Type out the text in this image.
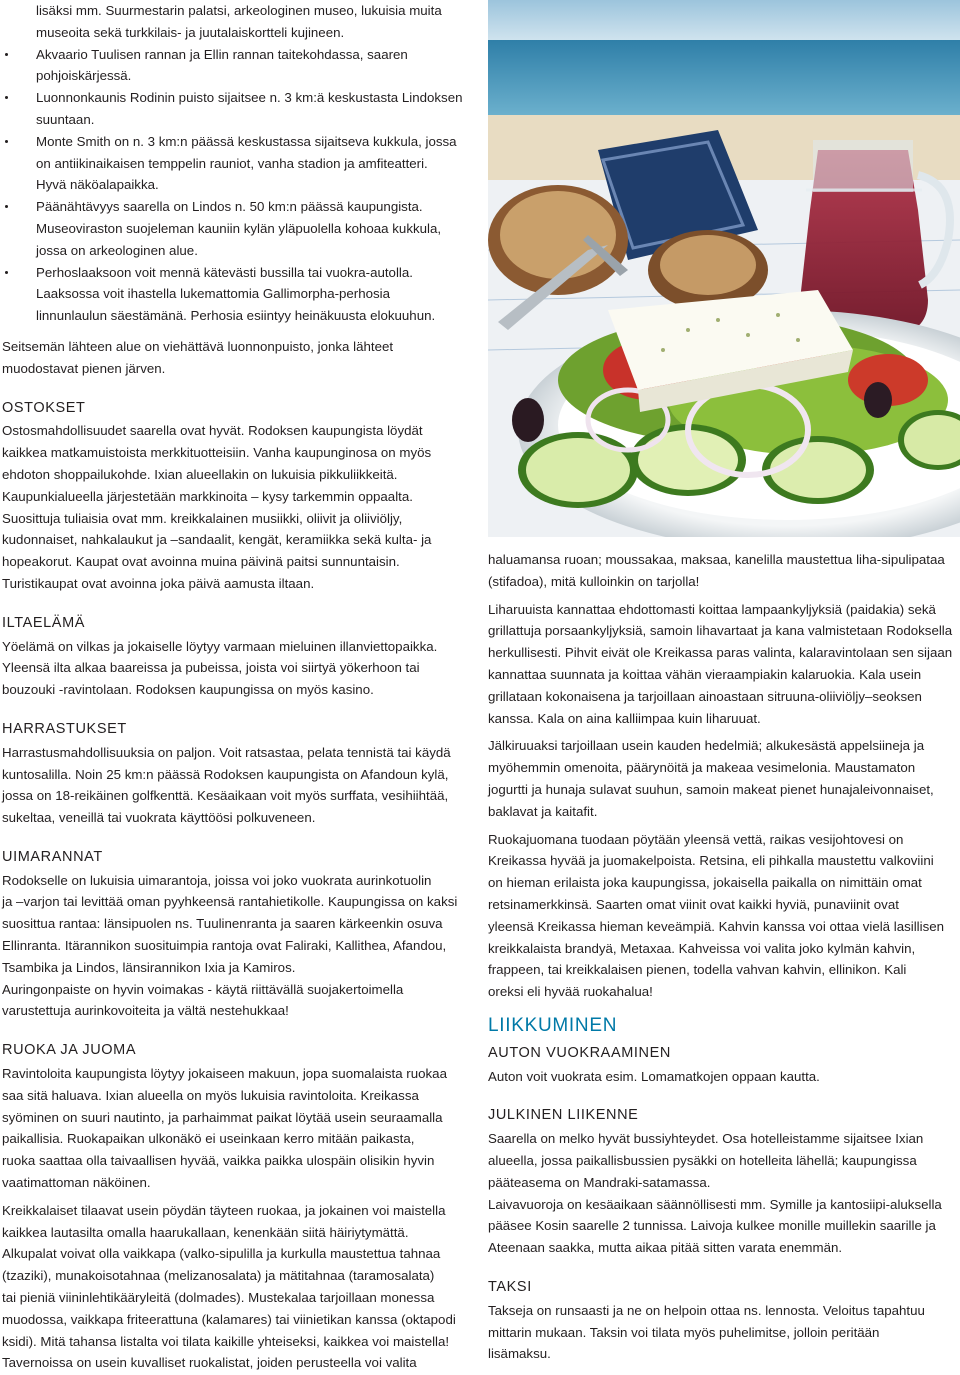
lisäksi mm. Suurmestarin palatsi, arkeologinen museo, lukuisia muita

museoita sekä turkkilais- ja juutalaiskortteli kujineen.

Akvaario Tuulisen rannan ja Ellin rannan taitekohdassa, saaren

pohjoiskärjessä.

Luonnonkaunis Rodinin puisto sijaitsee n. 3 km:ä keskustasta Lindoksen

suuntaan.

Monte Smith on n. 3 km:n päässä keskustassa sijaitseva kukkula, jossa

on antiikinaikaisen temppelin rauniot, vanha stadion ja amfiteatteri.

Hyvä näköalapaikka.

Päänähtävyys saarella on Lindos n. 50 km:n päässä kaupungista.

Museoviraston suojeleman kauniin kylän yläpuolella kohoaa kukkula,

jossa on arkeologinen alue.

Perhoslaaksoon voit mennä kätevästi bussilla tai vuokra-autolla.

Laaksossa voit ihastella lukemattomia Gallimorpha-perhosia

linnunlaulun säestämänä. Perhosia esiintyy heinäkuusta elokuuhun.

Seitsemän lähteen alue on viehättävä luonnonpuisto, jonka lähteet

muodostavat pienen järven.

OSTOKSET

Ostosmahdollisuudet saarella ovat hyvät. Rodoksen kaupungista löydät

kaikkea matkamuistoista merkkituotteisiin. Vanha kaupunginosa on myös

ehdoton shoppailukohde. Ixian alueellakin on lukuisia pikkuliikkeitä.

Kaupunkialueella järjestetään markkinoita – kysy tarkemmin oppaalta.

Suosittuja tuliaisia ovat mm. kreikkalainen musiikki, oliivit ja oliiviöljy,

kudonnaiset, nahkalaukut ja –sandaalit, kengät, keramiikka sekä kulta- ja

hopeakorut. Kaupat ovat avoinna muina päivinä paitsi sunnuntaisin.

Turistikaupat ovat avoinna joka päivä aamusta iltaan.

ILTAELÄMÄ

Yöelämä on vilkas ja jokaiselle löytyy varmaan mieluinen illanviettopaikka.

Yleensä ilta alkaa baareissa ja pubeissa, joista voi siirtyä yökerhoon tai

bouzouki -ravintolaan. Rodoksen kaupungissa on myös kasino.

HARRASTUKSET

Harrastusmahdollisuuksia on paljon. Voit ratsastaa, pelata tennistä tai käydä

kuntosalilla. Noin 25 km:n päässä Rodoksen kaupungista on Afandoun kylä,

jossa on 18-reikäinen golfkenttä. Kesäaikaan voit myös surffata, vesihiihtää,

sukeltaa, veneillä tai vuokrata käyttöösi polkuveneen.

UIMARANNAT

Rodokselle on lukuisia uimarantoja, joissa voi joko vuokrata aurinkotuolin

ja –varjon tai levittää oman pyyhkeensä rantahietikolle. Kaupungissa on kaksi

suosittua rantaa: länsipuolen ns. Tuulinenranta ja saaren kärkeenkin osuva

Ellinranta. Itärannikon suosituimpia rantoja ovat Faliraki, Kallithea, Afandou,

Tsambika ja Lindos, länsirannikon Ixia ja Kamiros.

Auringonpaiste on hyvin voimakas - käytä riittävällä suojakertoimella

varustettuja aurinkovoiteita ja vältä nestehukkaa!

RUOKA JA JUOMA

Ravintoloita kaupungista löytyy jokaiseen makuun, jopa suomalaista ruokaa

saa sitä haluava. Ixian alueella on myös lukuisia ravintoloita. Kreikassa

syöminen on suuri nautinto, ja parhaimmat paikat löytää usein seuraamalla

paikallisia. Ruokapaikan ulkonäkö ei useinkaan kerro mitään paikasta,

ruoka saattaa olla taivaallisen hyvää, vaikka paikka ulospäin olisikin hyvin

vaatimattoman näköinen.

Kreikkalaiset tilaavat usein pöydän täyteen ruokaa, ja jokainen voi maistella

kaikkea lautasilta omalla haarukallaan, kenenkään siitä häiriytymättä.

Alkupalat voivat olla vaikkapa (valko-sipulilla ja kurkulla maustettua tahnaa

(tzaziki), munakoisotahnaa (melizanosalata) ja mätitahnaa (taramosalata)

tai pieniä viininlehtikääryleitä (dolmades). Mustekalaa tarjoillaan monessa

muodossa, vaikkapa friteerattuna (kalamares) tai viinietikan kanssa (oktapodi

ksidi). Mitä tahansa listalta voi tilata kaikille yhteiseksi, kaikkea voi maistella!

Tavernoissa on usein kuvalliset ruokalistat, joiden perusteella voi valita

haluamansa ruoan; moussakaa, maksaa, kanelilla maustettua liha-sipulipataa

(stifadoa), mitä kulloinkin on tarjolla!

Liharuuista kannattaa ehdottomasti koittaa lampaankyljyksiä (paidakia) sekä

grillattuja porsaankyljyksiä, samoin lihavartaat ja kana valmistetaan Rodoksella

herkullisesti. Pihvit eivät ole Kreikassa paras valinta, kalaravintolaan sen sijaan

kannattaa suunnata ja koittaa vähän vieraampiakin kalaruokia. Kala usein

grillataan kokonaisena ja tarjoillaan ainoastaan sitruuna-oliiviöljy–seoksen

kanssa. Kala on aina kalliimpaa kuin liharuuat.

Jälkiruuaksi tarjoillaan usein kauden hedelmiä; alkukesästä appelsiineja ja

myöhemmin omenoita, päärynöitä ja makeaa vesimelonia. Maustamaton

jogurtti ja hunaja sulavat suuhun, samoin makeat pienet hunajaleivonnaiset,

baklavat ja kaitafit.

Ruokajuomana tuodaan pöytään yleensä vettä, raikas vesijohtovesi on

Kreikassa hyvää ja juomakelpoista. Retsina, eli pihkalla maustettu valkoviini

on hieman erilaista joka kaupungissa, jokaisella paikalla on nimittäin omat

retsinamerkkinsä. Saarten omat viinit ovat kaikki hyviä, punaviinit ovat

yleensä Kreikassa hieman keveämpiä. Kahvin kanssa voi ottaa vielä lasillisen

kreikkalaista brandyä, Metaxaa. Kahveissa voi valita joko kylmän kahvin,

frappeen, tai kreikkalaisen pienen, todella vahvan kahvin, ellinikon. Kali

oreksi eli hyvää ruokahalua!

LIIKKUMINEN

AUTON VUOKRAAMINEN

Auton voit vuokrata esim. Lomamatkojen oppaan kautta.

JULKINEN LIIKENNE

Saarella on melko hyvät bussiyhteydet. Osa hotelleistamme sijaitsee Ixian

alueella, jossa paikallisbussien pysäkki on hotelleita lähellä; kaupungissa

pääteasema on Mandraki-satamassa.

Laivavuoroja on kesäaikaan säännöllisesti mm. Symille ja kantosiipi-aluksella

pääsee Kosin saarelle 2 tunnissa. Laivoja kulkee monille muillekin saarille ja

Ateenaan saakka, mutta aikaa pitää sitten varata enemmän.

TAKSI

Takseja on runsaasti ja ne on helpoin ottaa ns. lennosta. Veloitus tapahtuu

mittarin mukaan. Taksin voi tilata myös puhelimitse, jolloin peritään

lisämaksu.
